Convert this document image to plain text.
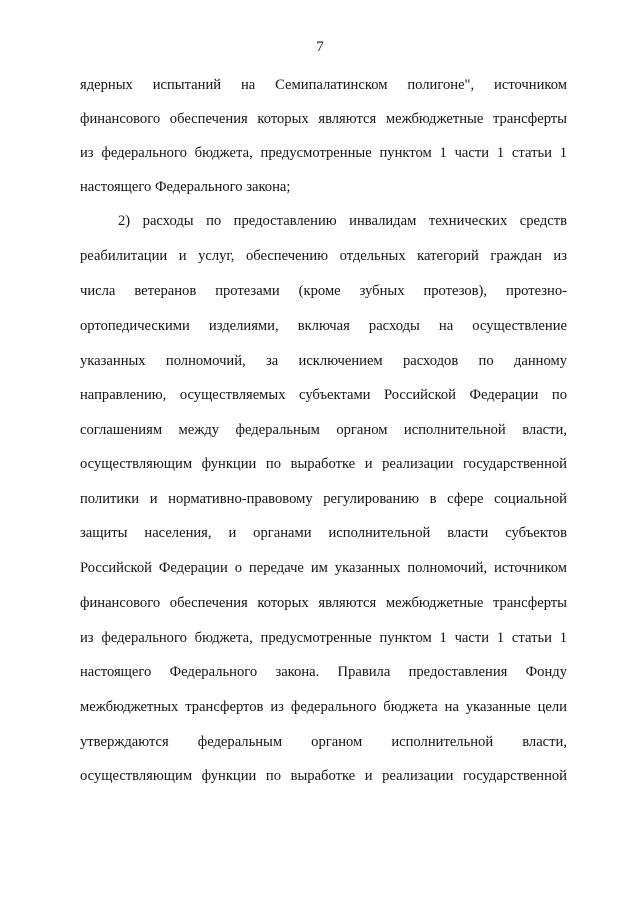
7
ядерных испытаний на Семипалатинском полигоне", источником
финансового обеспечения которых являются межбюджетные трансферты
из федерального бюджета, предусмотренные пунктом 1 части 1 статьи 1
настоящего Федерального закона;
2) расходы по предоставлению инвалидам технических средств
реабилитации и услуг, обеспечению отдельных категорий граждан из
числа ветеранов протезами (кроме зубных протезов), протезно-
ортопедическими изделиями, включая расходы на осуществление
указанных полномочий, за исключением расходов по данному
направлению, осуществляемых субъектами Российской Федерации по
соглашениям между федеральным органом исполнительной власти,
осуществляющим функции по выработке и реализации государственной
политики и нормативно-правовому регулированию в сфере социальной
защиты населения, и органами исполнительной власти субъектов
Российской Федерации о передаче им указанных полномочий, источником
финансового обеспечения которых являются межбюджетные трансферты
из федерального бюджета, предусмотренные пунктом 1 части 1 статьи 1
настоящего Федерального закона. Правила предоставления Фонду
межбюджетных трансфертов из федерального бюджета на указанные цели
утверждаются федеральным органом исполнительной власти,
осуществляющим функции по выработке и реализации государственной
